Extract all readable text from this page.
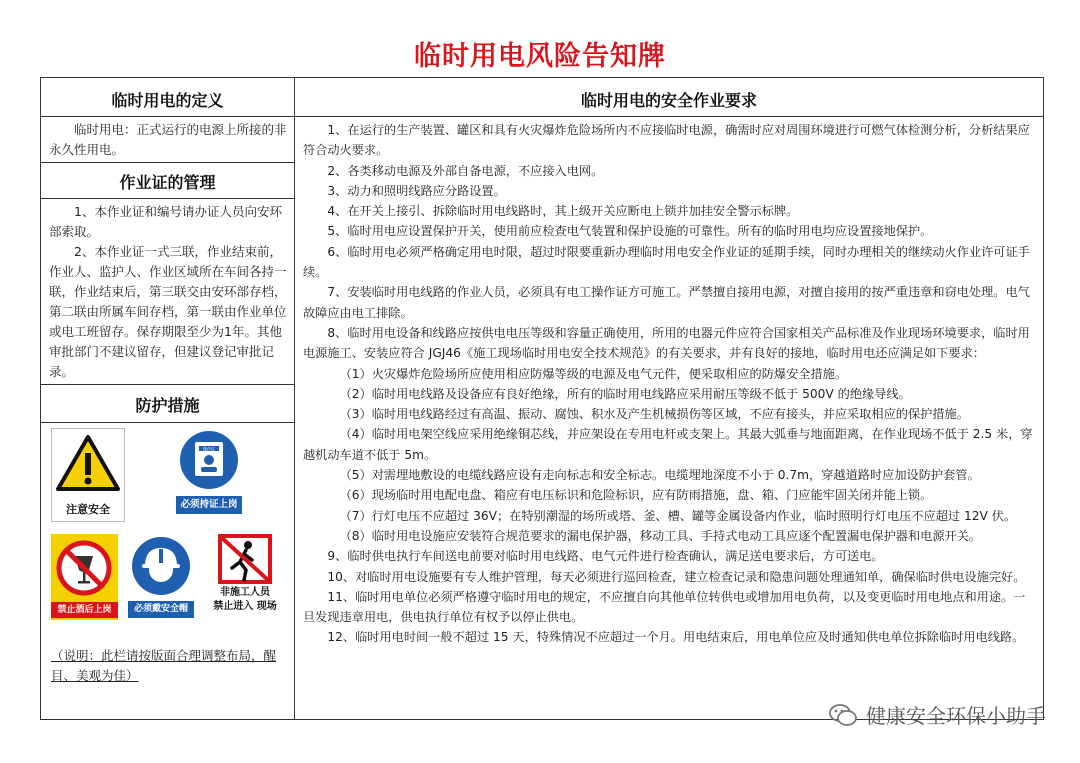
临时用电风险告知牌
临时用电的定义

临时用电：正式运行的电源上所接的非永久性用电。

作业证的管理

1、本作业证和编号请办证人员向安环部索取。

2、本作业证一式三联，作业结束前，作业人、监护人、作业区域所在车间各持一联，作业结束后，第三联交由安环部存档，第二联由所属车间存档，第一联由作业单位或电工班留存。保存期限至少为1年。其他审批部门不建议留存，但建议登记审批记录。

防护措施
注意安全
操作证
必须持证上岗
禁止酒后上岗	必须戴安全帽
非施工人员
禁止进入 现场
（说明：此栏请按版面合理调整布局，醒目、美观为佳）
临时用电的安全作业要求

1、在运行的生产装置、罐区和具有火灾爆炸危险场所内不应接临时电源，确需时应对周围环境进行可燃气体检测分析，分析结果应符合动火要求。

2、各类移动电源及外部自备电源，不应接入电网。

3、动力和照明线路应分路设置。

4、在开关上接引、拆除临时用电线路时，其上级开关应断电上锁并加挂安全警示标牌。

5、临时用电应设置保护开关，使用前应检查电气装置和保护设施的可靠性。所有的临时用电均应设置接地保护。

6、临时用电必须严格确定用电时限，超过时限要重新办理临时用电安全作业证的延期手续，同时办理相关的继续动火作业许可证手续。

7、安装临时用电线路的作业人员，必须具有电工操作证方可施工。严禁擅自接用电源，对擅自接用的按严重违章和窃电处理。电气故障应由电工排除。

8、临时用电设备和线路应按供电电压等级和容量正确使用，所用的电器元件应符合国家相关产品标准及作业现场环境要求，临时用电源施工、安装应符合 JGJ46《施工现场临时用电安全技术规范》的有关要求，并有良好的接地，临时用电还应满足如下要求：

（1）火灾爆炸危险场所应使用相应防爆等级的电源及电气元件，便采取相应的防爆安全措施。

（2）临时用电线路及设备应有良好绝缘，所有的临时用电线路应采用耐压等级不低于 500V 的绝缘导线。

（3）临时用电线路经过有高温、振动、腐蚀、积水及产生机械损伤等区域，不应有接头，并应采取相应的保护措施。

（4）临时用电架空线应采用绝缘铜芯线，并应架设在专用电杆或支架上。其最大弧垂与地面距离，在作业现场不低于 2.5 米，穿越机动车道不低于 5m。

（5）对需埋地敷设的电缆线路应设有走向标志和安全标志。电缆埋地深度不小于 0.7m，穿越道路时应加设防护套管。

（6）现场临时用电配电盘、箱应有电压标识和危险标识，应有防雨措施，盘、箱、门应能牢固关闭并能上锁。

（7）行灯电压不应超过 36V；在特别潮湿的场所或塔、釜、槽、罐等金属设备内作业，临时照明行灯电压不应超过 12V 伏。

（8）临时用电设施应安装符合规范要求的漏电保护器，移动工具、手持式电动工具应逐个配置漏电保护器和电源开关。

9、临时供电执行车间送电前要对临时用电线路、电气元件进行检查确认，满足送电要求后，方可送电。

10、对临时用电设施要有专人维护管理，每天必须进行巡回检查，建立检查记录和隐患问题处理通知单，确保临时供电设施完好。

11、临时用电单位必须严格遵守临时用电的规定，不应擅自向其他单位转供电或增加用电负荷，以及变更临时用电地点和用途。一旦发现违章用电，供电执行单位有权予以停止供电。

12、临时用电时间一般不超过 15 天，特殊情况不应超过一个月。用电结束后，用电单位应及时通知供电单位拆除临时用电线路。

健康安全环保小助手
